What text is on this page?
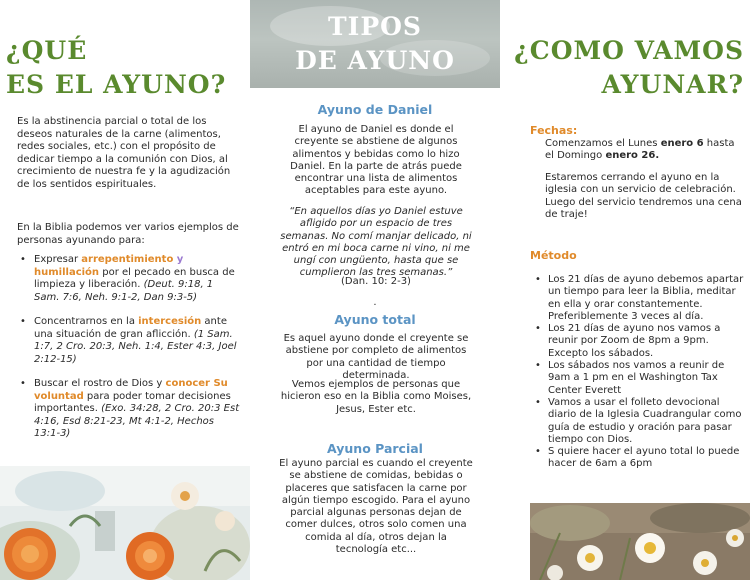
¿QUÉ
ES EL AYUNO?

Es la abstinencia parcial o total de los deseos naturales de la carne (alimentos, redes sociales, etc.) con el propósito de dedicar tiempo a la comunión con Dios, al crecimiento de nuestra fe y la agudización de los sentidos espirituales.

En la Biblia podemos ver varios ejemplos de personas ayunando para:

• Expresar arrepentimiento y humillación por el pecado en busca de limpieza y liberación. (Deut. 9:18, 1 Sam. 7:6, Neh. 9:1-2, Dan 9:3-5)
• Concentrarnos en la intercesión ante una situación de gran aflicción. (1 Sam. 1:7, 2 Cro. 20:3, Neh. 1:4, Ester 4:3, Joel 2:12-15)
• Buscar el rostro de Dios y conocer Su voluntad para poder tomar decisiones importantes. (Exo. 34:28, 2 Cro. 20:3 Est 4:16, Esd 8:21-23, Mt 4:1-2, Hechos 13:1-3)
TIPOS
DE AYUNO
Ayuno de Daniel

El ayuno de Daniel es donde el creyente se abstiene de algunos alimentos y bebidas como lo hizo Daniel. En la parte de atrás puede encontrar una lista de alimentos aceptables para este ayuno.

“En aquellos días yo Daniel estuve afligido por un espacio de tres semanas. No comí manjar delicado, ni entró en mi boca carne ni vino, ni me ungí con ungüento, hasta que se cumplieron las tres semanas.”

(Dan. 10: 2-3)

.
Ayuno total

Es aquel ayuno donde el creyente se abstiene por completo de alimentos por una cantidad de tiempo determinada.

Vemos ejemplos de personas que hicieron eso en la Biblia como Moises, Jesus, Ester etc.

Ayuno Parcial

El ayuno parcial es cuando el creyente se abstiene de comidas, bebidas o placeres que satisfacen la carne por algún tiempo escogido. Para el ayuno parcial algunas personas dejan de comer dulces, otros solo comen una comida al día, otros dejan la tecnología etc...

¿COMO VAMOS
AYUNAR?
Fechas:

Comenzamos el Lunes enero 6 hasta el Domingo enero 26.

Estaremos cerrando el ayuno en la iglesia con un servicio de celebración. Luego del servicio tendremos una cena de traje!

Método
• Los 21 días de ayuno debemos apartar un tiempo para leer la Biblia, meditar en ella y orar constantemente. Preferiblemente 3 veces al día.
• Los 21 días de ayuno nos vamos a reunir por Zoom de 8pm a 9pm. Excepto los sábados.
• Los sábados nos vamos a reunir de 9am a 1 pm en el Washington Tax Center Everett
• Vamos a usar el folleto devocional diario de la Iglesia Cuadrangular como guía de estudio y oración para pasar tiempo con Dios.
• S quiere hacer el ayuno total lo puede hacer de 6am a 6pm
